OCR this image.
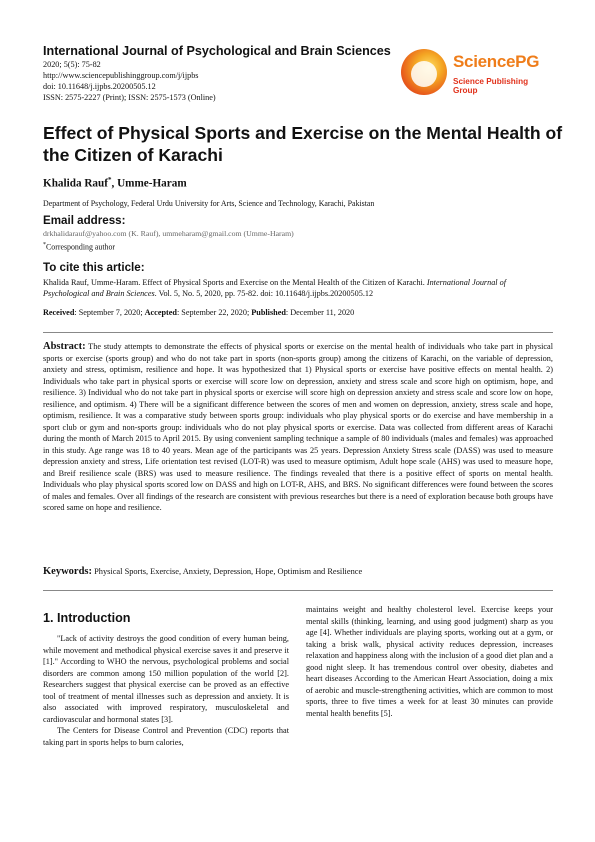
International Journal of Psychological and Brain Sciences
2020; 5(5): 75-82
http://www.sciencepublishinggroup.com/j/ijpbs
doi: 10.11648/j.ijpbs.20200505.12
ISSN: 2575-2227 (Print); ISSN: 2575-1573 (Online)
SciencePG
Science Publishing Group
Effect of Physical Sports and Exercise on the Mental Health of the Citizen of Karachi
Khalida Rauf*, Umme-Haram
Department of Psychology, Federal Urdu University for Arts, Science and Technology, Karachi, Pakistan
Email address:
drkhalidarauf@yahoo.com (K. Rauf), ummeharam@gmail.com (Umme-Haram)
*Corresponding author
To cite this article:
Khalida Rauf, Umme-Haram. Effect of Physical Sports and Exercise on the Mental Health of the Citizen of Karachi. International Journal of Psychological and Brain Sciences. Vol. 5, No. 5, 2020, pp. 75-82. doi: 10.11648/j.ijpbs.20200505.12
Received: September 7, 2020; Accepted: September 22, 2020; Published: December 11, 2020
Abstract: The study attempts to demonstrate the effects of physical sports or exercise on the mental health of individuals who take part in physical sports or exercise (sports group) and who do not take part in sports (non-sports group) among the citizens of Karachi, on the variable of depression, anxiety and stress, optimism, resilience and hope. It was hypothesized that 1) Physical sports or exercise have positive effects on mental health. 2) Individuals who take part in physical sports or exercise will score low on depression, anxiety and stress scale and score high on optimism, hope, and resilience. 3) Individual who do not take part in physical sports or exercise will score high on depression anxiety and stress scale and score low on hope, resilience, and optimism. 4) There will be a significant difference between the scores of men and women on depression, anxiety, stress scale and hope, optimism, resilience. It was a comparative study between sports group: individuals who play physical sports or do exercise and have membership in a sport club or gym and non-sports group: individuals who do not play physical sports or exercise. Data was collected from different areas of Karachi during the month of March 2015 to April 2015. By using convenient sampling technique a sample of 80 individuals (males and females) was approached in this study. Age range was 18 to 40 years. Mean age of the participants was 25 years. Depression Anxiety Stress scale (DASS) was used to measure depression anxiety and stress, Life orientation test revised (LOT-R) was used to measure optimism, Adult hope scale (AHS) was used to measure hope, and Breif resilience scale (BRS) was used to measure resilience. The findings revealed that there is a positive effect of sports on mental health. Individuals who play physical sports scored low on DASS and high on LOT-R, AHS, and BRS. No significant differences were found between the scores of males and females. Over all findings of the research are consistent with previous researches but there is a need of exploration because both groups have scored same on hope and resilience.
Keywords: Physical Sports, Exercise, Anxiety, Depression, Hope, Optimism and Resilience
1. Introduction

"Lack of activity destroys the good condition of every human being, while movement and methodical physical exercise saves it and preserve it [1]." According to WHO the nervous, psychological problems and social disorders are common among 150 million population of the world [2]. Researchers suggest that physical exercise can be proved as an effective tool of treatment of mental illnesses such as depression and anxiety. It is also associated with improved respiratory, musculoskeletal and cardiovascular and hormonal states [3].

The Centers for Disease Control and Prevention (CDC) reports that taking part in sports helps to burn calories,

maintains weight and healthy cholesterol level. Exercise keeps your mental skills (thinking, learning, and using good judgment) sharp as you age [4]. Whether individuals are playing sports, working out at a gym, or taking a brisk walk, physical activity reduces depression, increases relaxation and happiness along with the inclusion of a good diet plan and a good night sleep. It has tremendous control over obesity, diabetes and heart diseases According to the American Heart Association, doing a mix of aerobic and muscle-strengthening activities, which are common to most sports, three to five times a week for at least 30 minutes can provide mental health benefits [5].
